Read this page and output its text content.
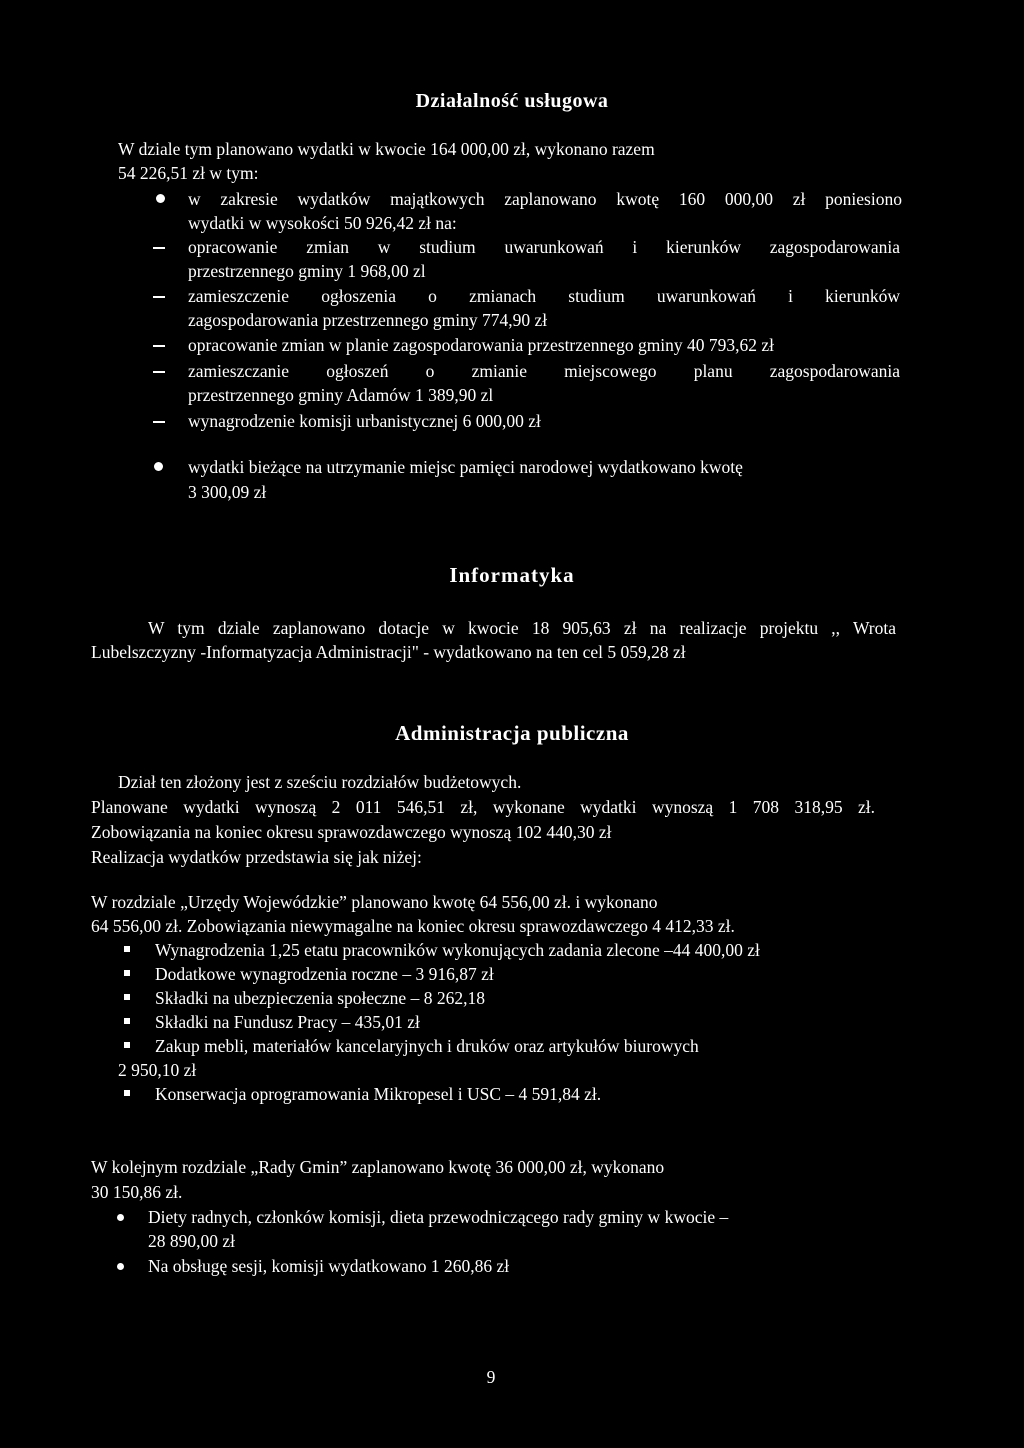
Działalność usługowa

W dziale tym planowano wydatki w kwocie 164 000,00 zł, wykonano razem

54 226,51 zł w tym:

w zakresie wydatków majątkowych zaplanowano kwotę 160 000,00 zł poniesiono

wydatki w wysokości 50 926,42 zł na:

opracowanie zmian w studium uwarunkowań i kierunków zagospodarowania

przestrzennego gminy 1 968,00 zl

zamieszczenie ogłoszenia o zmianach studium uwarunkowań i kierunków

zagospodarowania przestrzennego gminy 774,90 zł

opracowanie zmian w planie zagospodarowania przestrzennego gminy 40 793,62 zł

zamieszczanie ogłoszeń o zmianie miejscowego planu zagospodarowania

przestrzennego gminy Adamów 1 389,90 zl

wynagrodzenie komisji urbanistycznej 6 000,00 zł

wydatki bieżące na utrzymanie miejsc pamięci narodowej wydatkowano kwotę

3 300,09 zł

Informatyka

W tym dziale zaplanowano dotacje w kwocie 18 905,63 zł na realizacje projektu ,, Wrota

Lubelszczyzny -Informatyzacja Administracji" - wydatkowano na ten cel 5 059,28 zł

Administracja publiczna

Dział ten złożony jest z sześciu rozdziałów budżetowych.

Planowane wydatki wynoszą 2 011 546,51 zł, wykonane wydatki wynoszą 1 708 318,95 zł.

Zobowiązania na koniec okresu sprawozdawczego wynoszą 102 440,30 zł

Realizacja wydatków przedstawia się jak niżej:

W rozdziale „Urzędy Wojewódzkie” planowano kwotę 64 556,00 zł. i wykonano

64 556,00 zł. Zobowiązania niewymagalne na koniec okresu sprawozdawczego 4 412,33 zł.

Wynagrodzenia 1,25 etatu pracowników wykonujących zadania zlecone –44 400,00 zł

Dodatkowe wynagrodzenia roczne – 3 916,87 zł

Składki na ubezpieczenia społeczne – 8 262,18

Składki na Fundusz Pracy – 435,01 zł

Zakup mebli, materiałów kancelaryjnych i druków oraz artykułów biurowych

2 950,10 zł

Konserwacja oprogramowania Mikropesel i USC – 4 591,84 zł.

W kolejnym rozdziale „Rady Gmin” zaplanowano kwotę 36 000,00 zł, wykonano

30 150,86 zł.

Diety radnych, członków komisji, dieta przewodniczącego rady gminy w kwocie –

28 890,00 zł

Na obsługę sesji, komisji wydatkowano 1 260,86 zł

9
